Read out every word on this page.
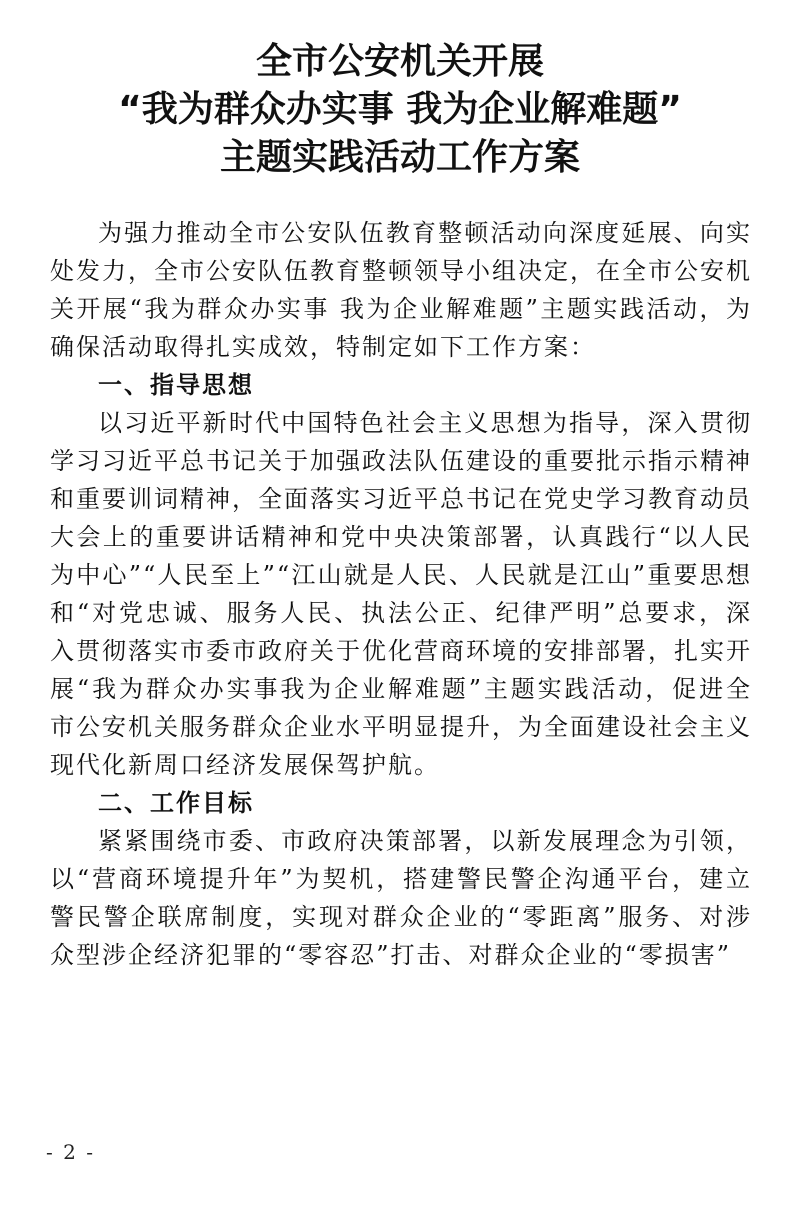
全市公安机关开展
“我为群众办实事 我为企业解难题”
主题实践活动工作方案

为强力推动全市公安队伍教育整顿活动向深度延展、向实处发力，全市公安队伍教育整顿领导小组决定，在全市公安机关开展“我为群众办实事 我为企业解难题”主题实践活动，为确保活动取得扎实成效，特制定如下工作方案：

一、指导思想

以习近平新时代中国特色社会主义思想为指导，深入贯彻学习习近平总书记关于加强政法队伍建设的重要批示指示精神和重要训词精神，全面落实习近平总书记在党史学习教育动员大会上的重要讲话精神和党中央决策部署，认真践行“以人民为中心”“人民至上”“江山就是人民、人民就是江山”重要思想和“对党忠诚、服务人民、执法公正、纪律严明”总要求，深入贯彻落实市委市政府关于优化营商环境的安排部署，扎实开展“我为群众办实事我为企业解难题”主题实践活动，促进全市公安机关服务群众企业水平明显提升，为全面建设社会主义现代化新周口经济发展保驾护航。

二、工作目标

紧紧围绕市委、市政府决策部署，以新发展理念为引领，以“营商环境提升年”为契机，搭建警民警企沟通平台，建立警民警企联席制度，实现对群众企业的“零距离”服务、对涉众型涉企经济犯罪的“零容忍”打击、对群众企业的“零损害”

- 2 -
